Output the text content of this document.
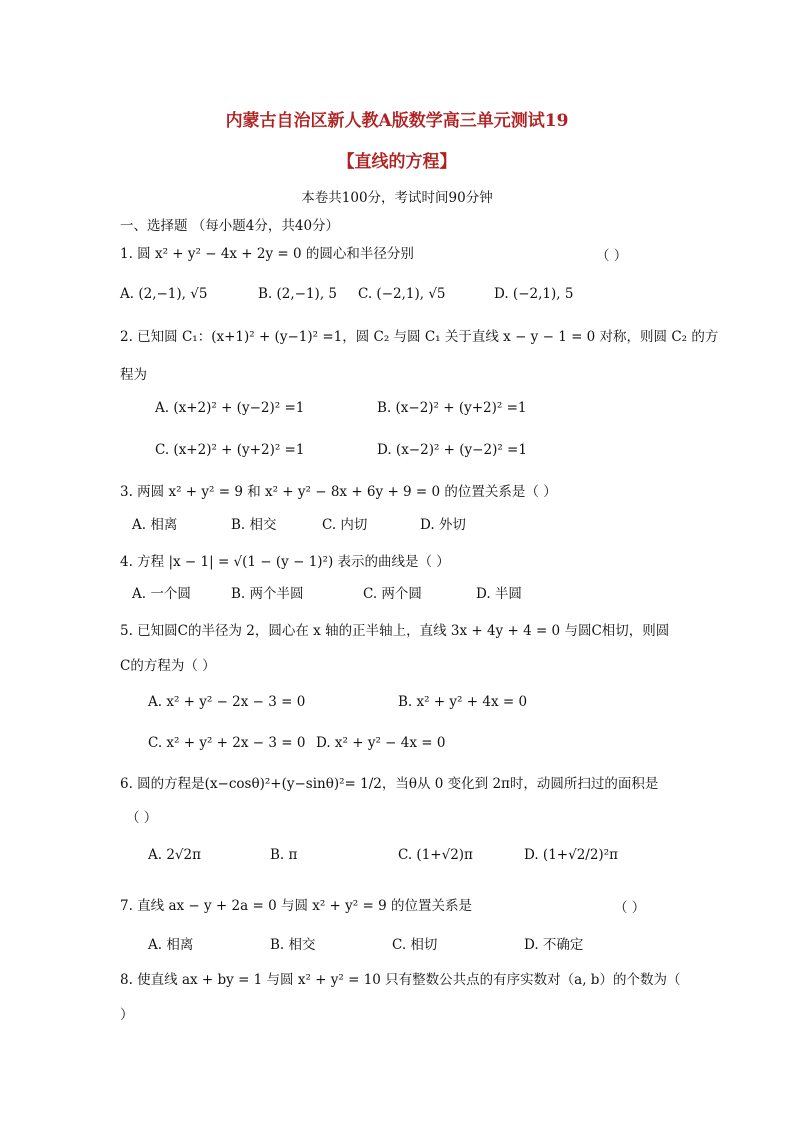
内蒙古自治区新人教A版数学高三单元测试19
【直线的方程】
本卷共100分，考试时间90分钟
一、选择题 （每小题4分，共40分）
1. 圆 x² + y² − 4x + 2y = 0 的圆心和半径分别	（ ）
A. (2,−1), √5	B. (2,−1), 5 C. (−2,1), √5	D. (−2,1), 5
2. 已知圆 C₁：(x+1)² + (y−1)² =1，圆 C₂ 与圆 C₁ 关于直线 x − y − 1 = 0 对称，则圆 C₂ 的方
程为
A. (x+2)² + (y−2)² =1	B. (x−2)² + (y+2)² =1
C. (x+2)² + (y+2)² =1	D. (x−2)² + (y−2)² =1
3. 两圆 x² + y² = 9 和 x² + y² − 8x + 6y + 9 = 0 的位置关系是（ ）
A. 相离	B. 相交	C. 内切	D. 外切
4. 方程 |x − 1| = √(1 − (y − 1)²) 表示的曲线是（ ）
A. 一个圆	B. 两个半圆	C. 两个圆	D. 半圆
5. 已知圆C的半径为 2，圆心在 x 轴的正半轴上，直线 3x + 4y + 4 = 0 与圆C相切，则圆
C的方程为（ ）
A. x² + y² − 2x − 3 = 0	B. x² + y² + 4x = 0
C. x² + y² + 2x − 3 = 0 D. x² + y² − 4x = 0
6. 圆的方程是(x−cosθ)²+(y−sinθ)²= 1/2，当θ从 0 变化到 2π时，动圆所扫过的面积是
（ ）
A. 2√2π	B. π	C. (1+√2)π	D. (1+√2/2)²π
7. 直线 ax − y + 2a = 0 与圆 x² + y² = 9 的位置关系是	（ ）
A. 相离	B. 相交	C. 相切	D. 不确定
8. 使直线 ax + by = 1 与圆 x² + y² = 10 只有整数公共点的有序实数对（a, b）的个数为（
）
